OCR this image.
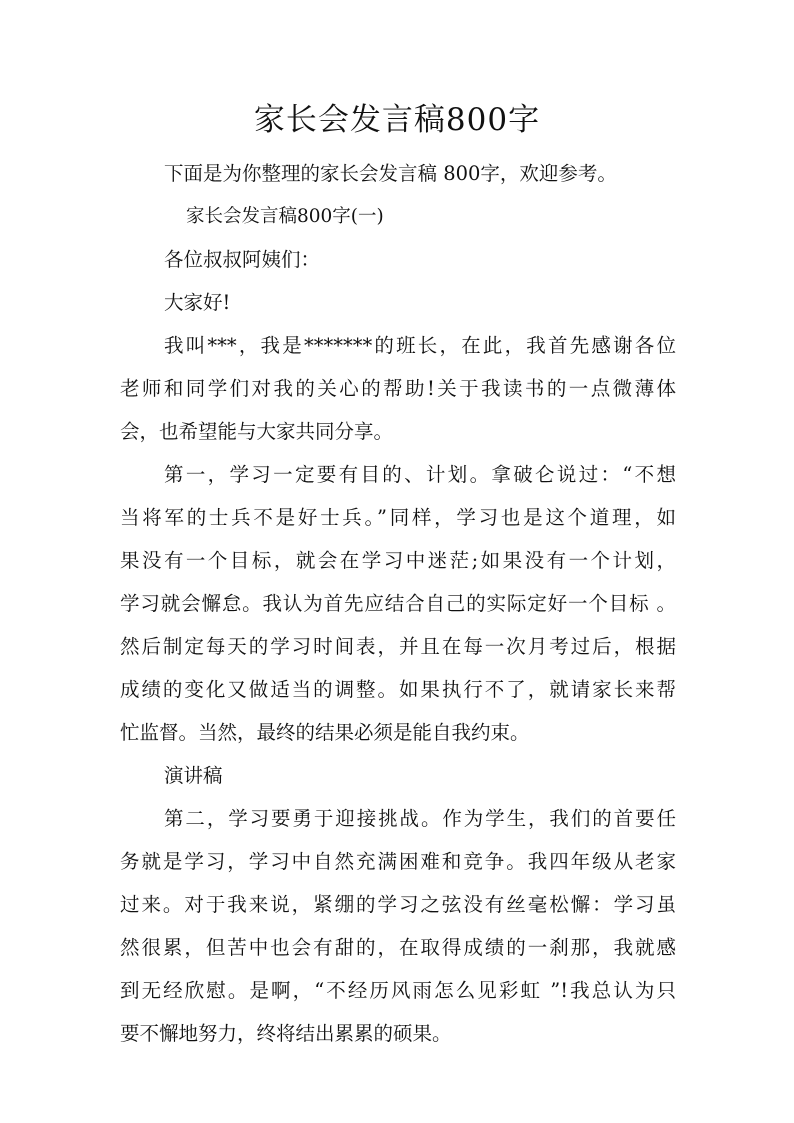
家长会发言稿800字
下面是为你整理的家长会发言稿 800字，欢迎参考。
家长会发言稿800字(一)
各位叔叔阿姨们：
大家好!
我叫***，我是*******的班长，在此，我首先感谢各位
老师和同学们对我的关心的帮助!关于我读书的一点微薄体
会，也希望能与大家共同分享。
第一，学习一定要有目的、计划。拿破仑说过：“不想
当将军的士兵不是好士兵。”同样，学习也是这个道理，如
果没有一个目标，就会在学习中迷茫;如果没有一个计划，
学习就会懈怠。我认为首先应结合自己的实际定好一个目标 。
然后制定每天的学习时间表，并且在每一次月考过后，根据
成绩的变化又做适当的调整。如果执行不了，就请家长来帮
忙监督。当然，最终的结果必须是能自我约束。
演讲稿
第二，学习要勇于迎接挑战。作为学生，我们的首要任
务就是学习，学习中自然充满困难和竞争。我四年级从老家
过来。对于我来说，紧绷的学习之弦没有丝毫松懈：学习虽
然很累，但苦中也会有甜的，在取得成绩的一刹那，我就感
到无经欣慰。是啊，“不经历风雨怎么见彩虹 ”!我总认为只
要不懈地努力，终将结出累累的硕果。
